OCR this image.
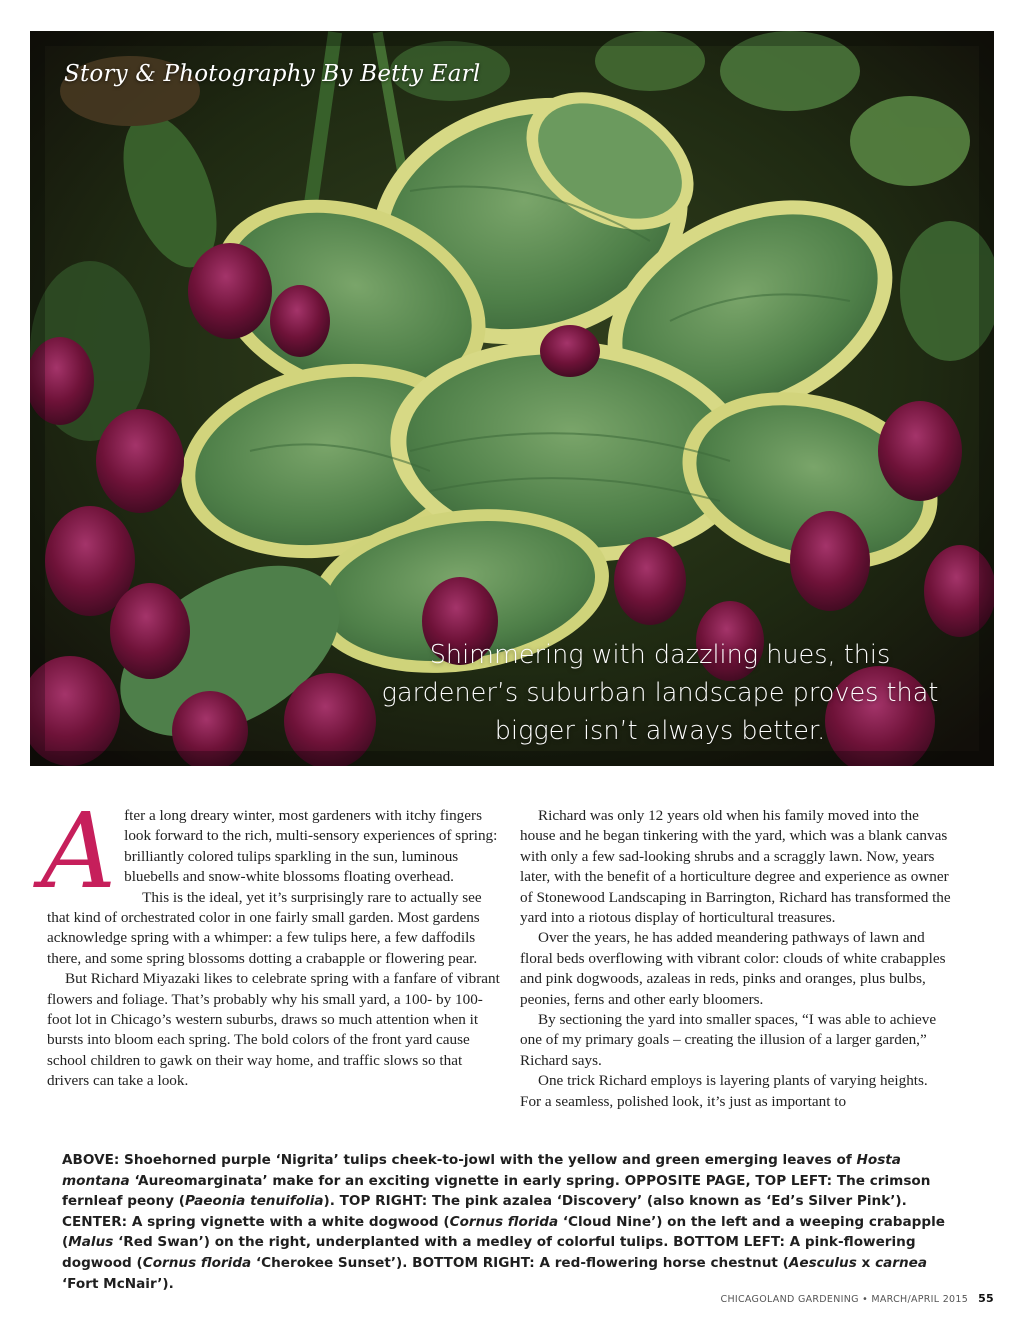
Story & Photography By Betty Earl
Shimmering with dazzling hues, this gardener’s suburban landscape proves that bigger isn’t always better.

After a long dreary winter, most gardeners with itchy fingers look forward to the rich, multi-sensory experiences of spring: brilliantly colored tulips sparkling in the sun, luminous bluebells and snow-white blossoms floating overhead.

This is the ideal, yet it’s surprisingly rare to actually see that kind of orchestrated color in one fairly small garden. Most gardens acknowledge spring with a whimper: a few tulips here, a few daffodils there, and some spring blossoms dotting a crabapple or flowering pear.

But Richard Miyazaki likes to celebrate spring with a fanfare of vibrant flowers and foliage. That’s probably why his small yard, a 100- by 100-foot lot in Chicago’s western suburbs, draws so much attention when it bursts into bloom each spring. The bold colors of the front yard cause school children to gawk on their way home, and traffic slows so that drivers can take a look.

Richard was only 12 years old when his family moved into the house and he began tinkering with the yard, which was a blank canvas with only a few sad-looking shrubs and a scraggly lawn. Now, years later, with the benefit of a horticulture degree and experience as owner of Stonewood Landscaping in Barrington, Richard has transformed the yard into a riotous display of horticultural treasures.

Over the years, he has added meandering pathways of lawn and floral beds overflowing with vibrant color: clouds of white crabapples and pink dogwoods, azaleas in reds, pinks and oranges, plus bulbs, peonies, ferns and other early bloomers.

By sectioning the yard into smaller spaces, “I was able to achieve one of my primary goals – creating the illusion of a larger garden,” Richard says.

One trick Richard employs is layering plants of varying heights. For a seamless, polished look, it’s just as important to

ABOVE: Shoehorned purple ‘Nigrita’ tulips cheek-to-jowl with the yellow and green emerging leaves of Hosta montana ‘Aureomarginata’ make for an exciting vignette in early spring. OPPOSITE PAGE, TOP LEFT: The crimson fernleaf peony (Paeonia tenuifolia). TOP RIGHT: The pink azalea ‘Discovery’ (also known as ‘Ed’s Silver Pink’). CENTER: A spring vignette with a white dogwood (Cornus florida ‘Cloud Nine’) on the left and a weeping crabapple (Malus ‘Red Swan’) on the right, underplanted with a medley of colorful tulips. BOTTOM LEFT: A pink-flowering dogwood (Cornus florida ‘Cherokee Sunset’). BOTTOM RIGHT: A red-flowering horse chestnut (Aesculus x carnea ‘Fort McNair’).
CHICAGOLAND GARDENING • MARCH/APRIL 2015 55
